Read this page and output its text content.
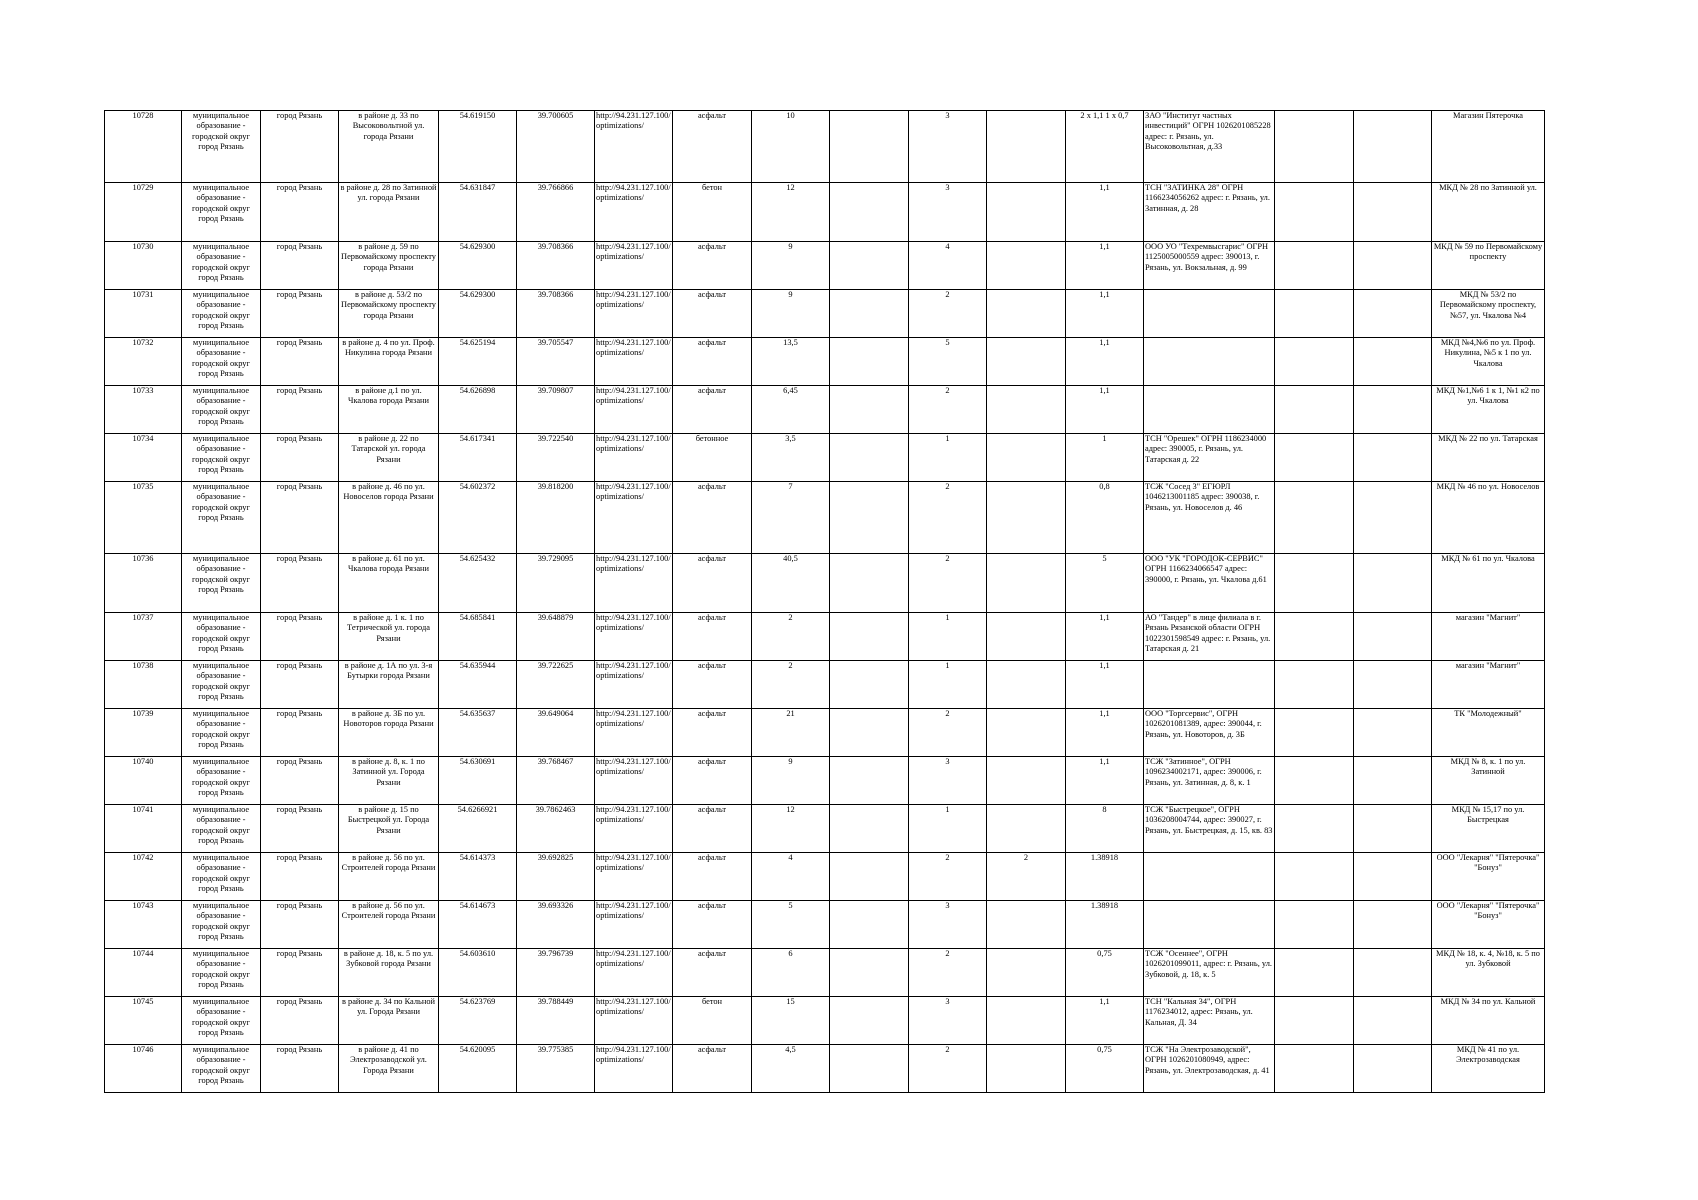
10728	муниципальное образование - городской округ город Рязань	город Рязань	в районе д. 33 по Высоковольтной ул. города Рязани	54.619150	39.700605	http://94.231.127.100/optimizations/	асфальт	10		3		2 х 1,1 1 х 0,7	ЗАО "Институт частных инвестиций" ОГРН 1026201085228 адрес: г. Рязань, ул. Высоковольтная, д.33			Магазин Пятерочка
10729	муниципальное образование - городской округ город Рязань	город Рязань	в районе д. 28 по Затинной ул. города Рязани	54.631847	39.766866	http://94.231.127.100/optimizations/	бетон	12		3		1,1	ТСН "ЗАТИНКА 28" ОГРН 1166234056262 адрес: г. Рязань, ул. Затинная, д. 28			МКД № 28 по Затинной ул.
10730	муниципальное образование - городской округ город Рязань	город Рязань	в районе д. 59 по Первомайскому проспекту города Рязани	54.629300	39.708366	http://94.231.127.100/optimizations/	асфальт	9		4		1,1	ООО УО "Техремвысгарис" ОГРН 1125005000559 адрес: 390013, г. Рязань, ул. Вокзальная, д. 99			МКД № 59 по Первомайскому проспекту
10731	муниципальное образование - городской округ город Рязань	город Рязань	в районе д. 53/2 по Первомайскому проспекту города Рязани	54.629300	39.708366	http://94.231.127.100/optimizations/	асфальт	9		2		1,1				МКД № 53/2 по Первомайскому проспекту, №57, ул. Чкалова №4
10732	муниципальное образование - городской округ город Рязань	город Рязань	в районе д. 4 по ул. Проф. Никулина города Рязани	54.625194	39.705547	http://94.231.127.100/optimizations/	асфальт	13,5		5		1,1				МКД №4,№6 по ул. Проф. Никулина, №5 к 1 по ул. Чкалова
10733	муниципальное образование - городской округ город Рязань	город Рязань	в районе д.1 по ул. Чкалова города Рязани	54.626898	39.709807	http://94.231.127.100/optimizations/	асфальт	6,45		2		1,1				МКД №1,№6 1 к 1, №1 к2 по ул. Чкалова
10734	муниципальное образование - городской округ город Рязань	город Рязань	в районе д. 22 по Татарской ул. города Рязани	54.617341	39.722540	http://94.231.127.100/optimizations/	бетонное	3,5		1		1	ТСН "Орешек" ОГРН 1186234000 адрес: 390005, г. Рязань, ул. Татарская д. 22			МКД № 22 по ул. Татарская
10735	муниципальное образование - городской округ город Рязань	город Рязань	в районе д. 46 по ул. Новоселов города Рязани	54.602372	39.818200	http://94.231.127.100/optimizations/	асфальт	7		2		0,8	ТСЖ "Сосед 3" ЕГЮРЛ 1046213001185 адрес: 390038, г. Рязань, ул. Новоселов д. 46			МКД № 46 по ул. Новоселов
10736	муниципальное образование - городской округ город Рязань	город Рязань	в районе д. 61 по ул. Чкалова города Рязани	54.625432	39.729095	http://94.231.127.100/optimizations/	асфальт	40,5		2		5	ООО "УК "ГОРОДОК-СЕРВИС" ОГРН 1166234066547 адрес: 390000, г. Рязань, ул. Чкалова д.61			МКД № 61 по ул. Чкалова
10737	муниципальное образование - городской округ город Рязань	город Рязань	в районе д. 1 к. 1 по Тетрической ул. города Рязани	54.685841	39.648879	http://94.231.127.100/optimizations/	асфальт	2		1		1,1	АО "Тандер" в лице филиала в г. Рязань Рязанской области ОГРН 1022301598549 адрес: г. Рязань, ул. Татарская д. 21			магазин "Магнит"
10738	муниципальное образование - городской округ город Рязань	город Рязань	в районе д. 1А по ул. 3-я Бутырки города Рязани	54.635944	39.722625	http://94.231.127.100/optimizations/	асфальт	2		1		1,1				магазин "Магнит"
10739	муниципальное образование - городской округ город Рязань	город Рязань	в районе д. 3Б по ул. Новоторов города Рязани	54.635637	39.649064	http://94.231.127.100/optimizations/	асфальт	21		2		1,1	ООО "Торгсервис", ОГРН 1026201081389, адрес: 390044, г. Рязань, ул. Новоторов, д. 3Б			ТК "Молодежный"
10740	муниципальное образование - городской округ город Рязань	город Рязань	в районе д. 8, к. 1 по Затинной ул. Города Рязани	54.630691	39.768467	http://94.231.127.100/optimizations/	асфальт	9		3		1,1	ТСЖ "Затинное", ОГРН 1096234002171, адрес: 390006, г. Рязань, ул. Затинная, д. 8, к. 1			МКД № 8, к. 1 по ул. Затинной
10741	муниципальное образование - городской округ город Рязань	город Рязань	в районе д. 15 по Быстрецкой ул. Города Рязани	54.6266921	39.7862463	http://94.231.127.100/optimizations/	асфальт	12		1		8	ТСЖ "Быстрецкое", ОГРН 1036208004744, адрес: 390027, г. Рязань, ул. Быстрецкая, д. 15, кв. 83			МКД № 15,17 по ул. Быстрецкая
10742	муниципальное образование - городской округ город Рязань	город Рязань	в районе д. 56 по ул. Строителей города Рязани	54.614373	39.692825	http://94.231.127.100/optimizations/	асфальт	4		2	2	1.38918				ООО "Лекарня" "Пятерочка" "Бонуз"
10743	муниципальное образование - городской округ город Рязань	город Рязань	в районе д. 56 по ул. Строителей города Рязани	54.614673	39.693326	http://94.231.127.100/optimizations/	асфальт	5		3		1.38918				ООО "Лекарня" "Пятерочка" "Бонуз"
10744	муниципальное образование - городской округ город Рязань	город Рязань	в районе д. 18, к. 5 по ул. Зубковой города Рязани	54.603610	39.796739	http://94.231.127.100/optimizations/	асфальт	6		2		0,75	ТСЖ "Осеннее", ОГРН 1026201099011, адрес: г. Рязань, ул. Зубковой, д. 18, к. 5			МКД № 18, к. 4, №18, к. 5 по ул. Зубковой
10745	муниципальное образование - городской округ город Рязань	город Рязань	в районе д. 34 по Кальной ул. Города Рязани	54.623769	39.788449	http://94.231.127.100/optimizations/	бетон	15		3		1,1	ТСН "Кальная 34", ОГРН 1176234012, адрес: Рязань, ул. Кальная, Д. 34			МКД № 34 по ул. Кальной
10746	муниципальное образование - городской округ город Рязань	город Рязань	в районе д. 41 по Электрозаводской ул. Города Рязани	54.620095	39.775385	http://94.231.127.100/optimizations/	асфальт	4,5		2		0,75	ТСЖ "На Электрозаводской", ОГРН 1026201080949, адрес: Рязань, ул. Электрозаводская, д. 41			МКД № 41 по ул. Электрозаводская
